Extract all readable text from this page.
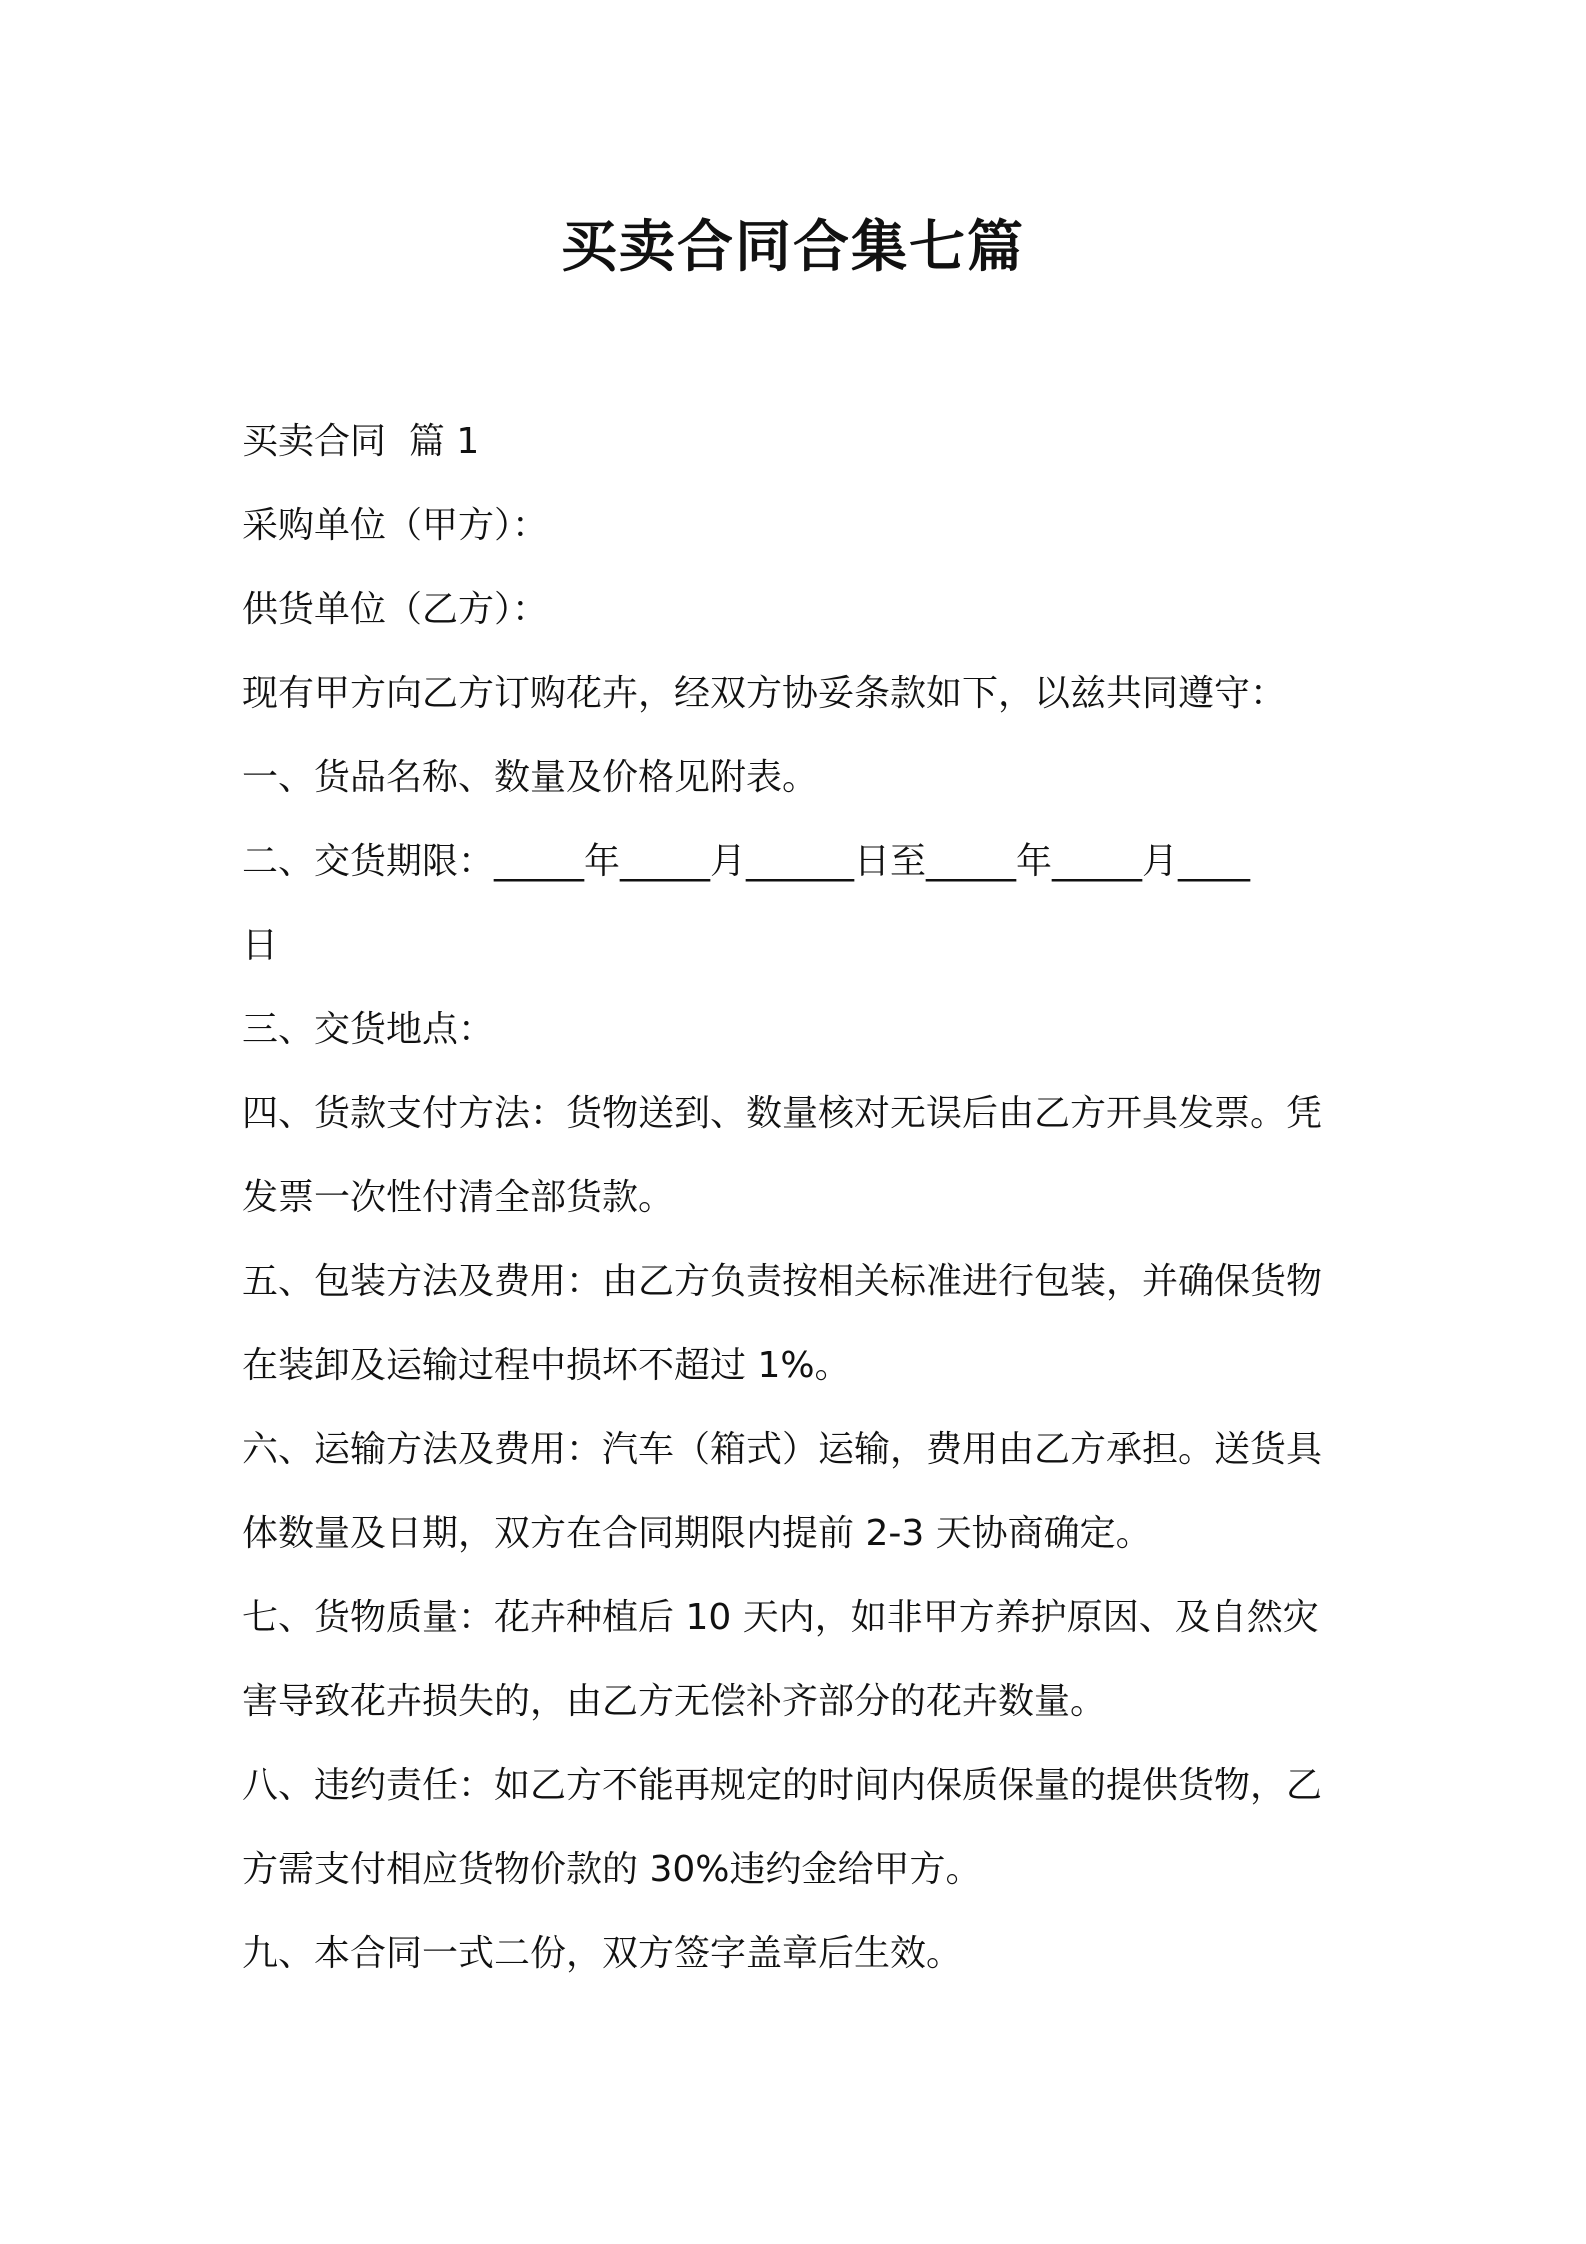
买卖合同合集七篇

买卖合同  篇 1

采购单位（甲方）：

供货单位（乙方）：

现有甲方向乙方订购花卉，经双方协妥条款如下，以兹共同遵守：

一、货品名称、数量及价格见附表。

二、交货期限：_____年_____月______日至_____年_____月____

日

三、交货地点：

四、货款支付方法：货物送到、数量核对无误后由乙方开具发票。凭

发票一次性付清全部货款。

五、包装方法及费用：由乙方负责按相关标准进行包装，并确保货物

在装卸及运输过程中损坏不超过 1%。

六、运输方法及费用：汽车（箱式）运输，费用由乙方承担。送货具

体数量及日期，双方在合同期限内提前 2-3 天协商确定。

七、货物质量：花卉种植后 10 天内，如非甲方养护原因、及自然灾

害导致花卉损失的，由乙方无偿补齐部分的花卉数量。

八、违约责任：如乙方不能再规定的时间内保质保量的提供货物，乙

方需支付相应货物价款的 30%违约金给甲方。

九、本合同一式二份，双方签字盖章后生效。
